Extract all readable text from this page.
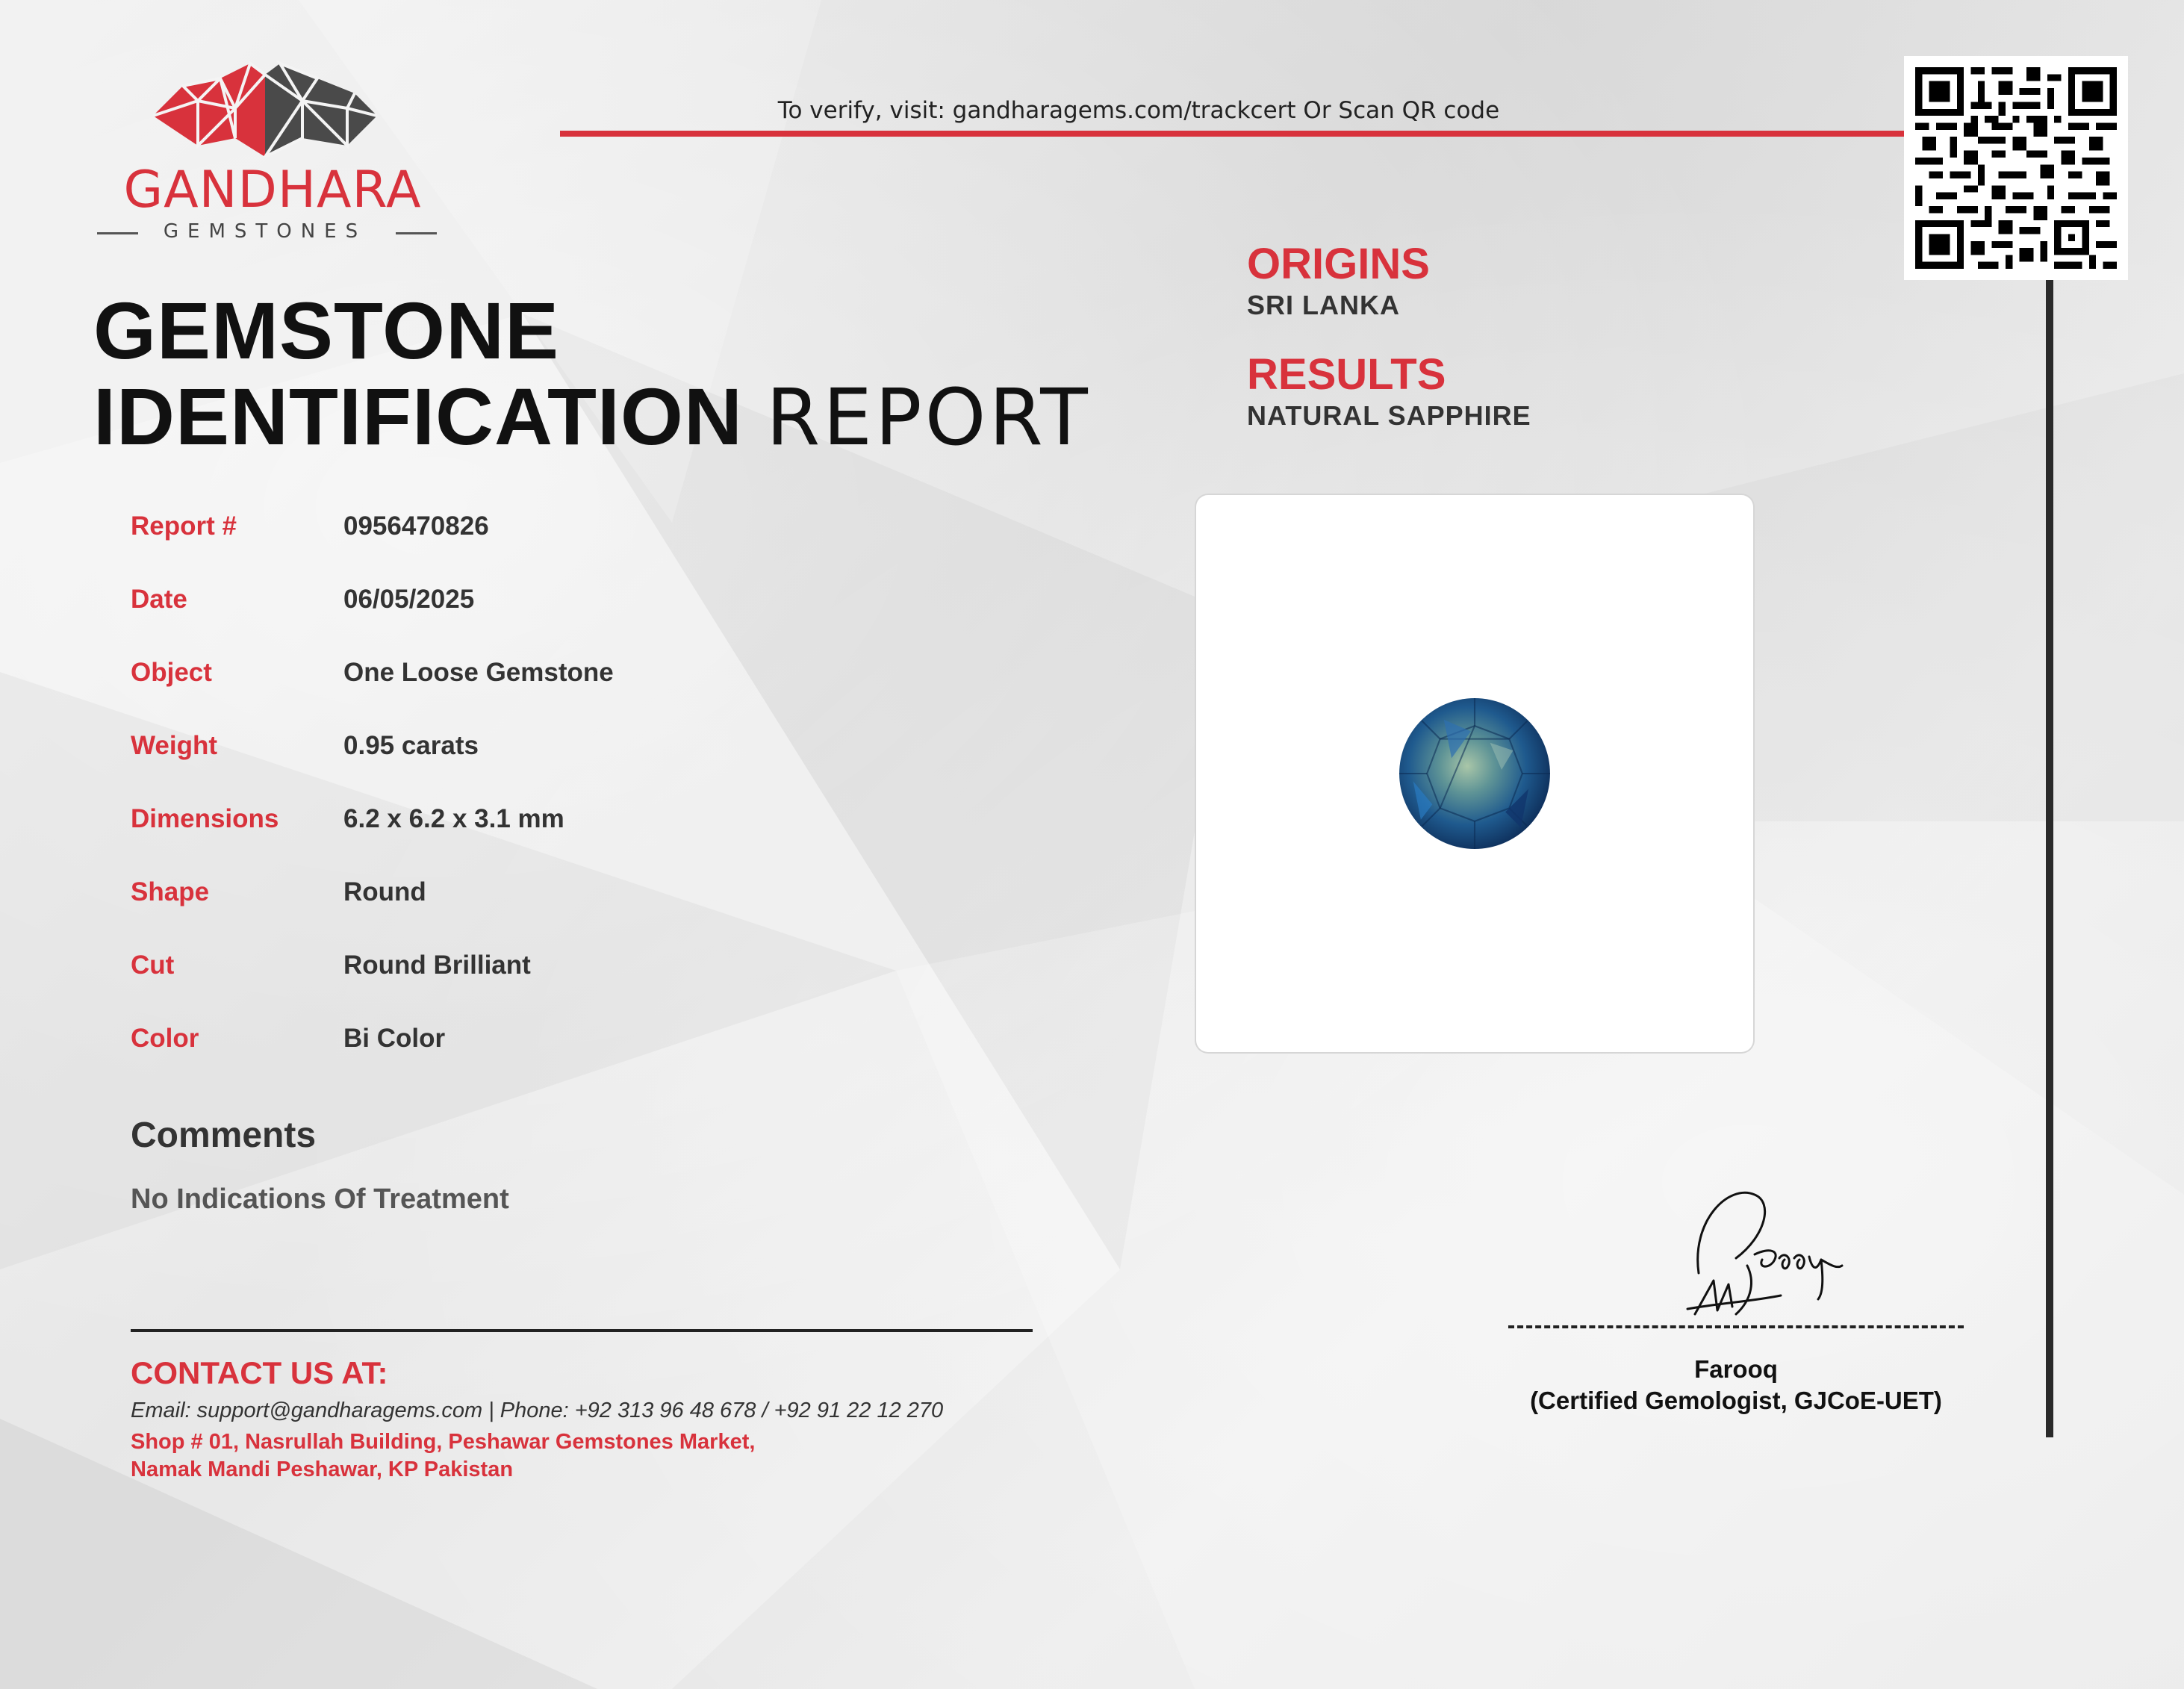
GANDHARA
GEMSTONES
To verify, visit: gandharagems.com/trackcert Or Scan QR code
GEMSTONE
IDENTIFICATION REPORT
ORIGINS
SRI LANKA
RESULTS
NATURAL SAPPHIRE
Report #	0956470826
Date	06/05/2025
Object	One Loose Gemstone
Weight	0.95 carats
Dimensions 6.2 x 6.2 x 3.1 mm
Shape	Round
Cut	Round Brilliant
Color	Bi Color
Comments
No Indications Of Treatment
CONTACT US AT:
Email: support@gandharagems.com | Phone: +92 313 96 48 678 / +92 91 22 12 270
Shop # 01, Nasrullah Building, Peshawar Gemstones Market,
Namak Mandi Peshawar, KP Pakistan
Farooq
(Certified Gemologist, GJCoE-UET)
